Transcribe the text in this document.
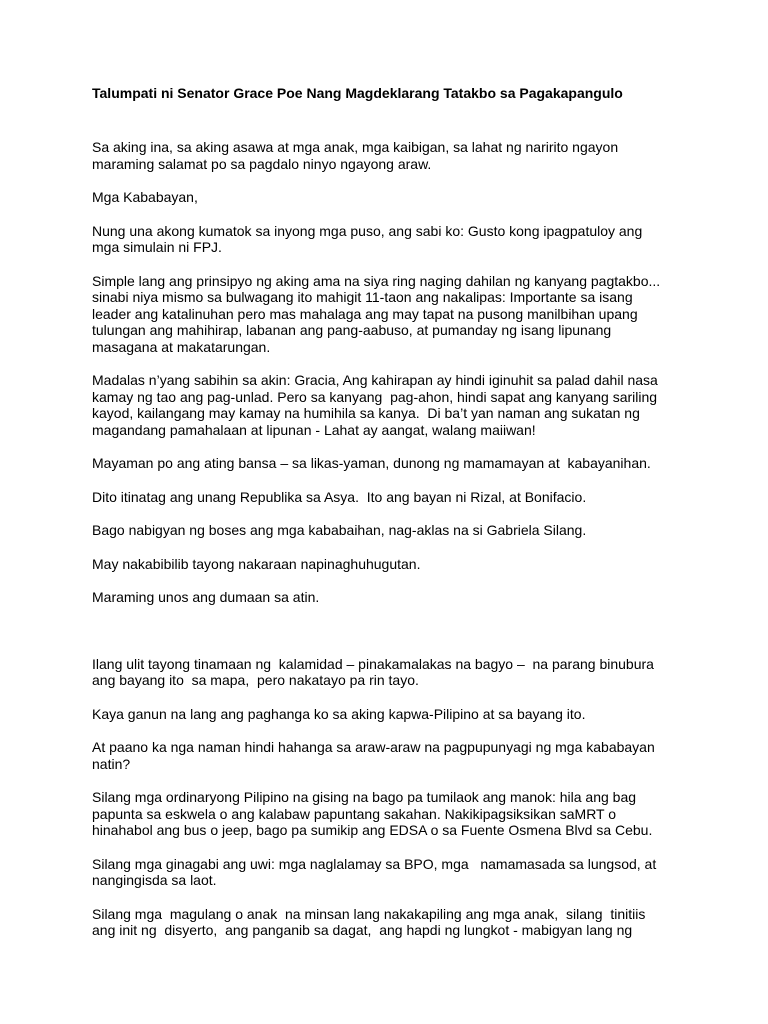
Talumpati ni Senator Grace Poe Nang Magdeklarang Tatakbo sa Pagakapangulo
Sa aking ina, sa aking asawa at mga anak, mga kaibigan, sa lahat ng naririto ngayon
maraming salamat po sa pagdalo ninyo ngayong araw.
Mga Kababayan,
Nung una akong kumatok sa inyong mga puso, ang sabi ko: Gusto kong ipagpatuloy ang
mga simulain ni FPJ.
Simple lang ang prinsipyo ng aking ama na siya ring naging dahilan ng kanyang pagtakbo...
sinabi niya mismo sa bulwagang ito mahigit 11-taon ang nakalipas: Importante sa isang
leader ang katalinuhan pero mas mahalaga ang may tapat na pusong manilbihan upang
tulungan ang mahihirap, labanan ang pang-aabuso, at pumanday ng isang lipunang
masagana at makatarungan.
Madalas n’yang sabihin sa akin: Gracia, Ang kahirapan ay hindi iginuhit sa palad dahil nasa
kamay ng tao ang pag-unlad. Pero sa kanyang  pag-ahon, hindi sapat ang kanyang sariling
kayod, kailangang may kamay na humihila sa kanya.  Di ba’t yan naman ang sukatan ng
magandang pamahalaan at lipunan - Lahat ay aangat, walang maiiwan!
Mayaman po ang ating bansa – sa likas-yaman, dunong ng mamamayan at  kabayanihan.
Dito itinatag ang unang Republika sa Asya.  Ito ang bayan ni Rizal, at Bonifacio.
Bago nabigyan ng boses ang mga kababaihan, nag-aklas na si Gabriela Silang.
May nakabibilib tayong nakaraan napinaghuhugutan.
Maraming unos ang dumaan sa atin.
Ilang ulit tayong tinamaan ng  kalamidad – pinakamalakas na bagyo –  na parang binubura
ang bayang ito  sa mapa,  pero nakatayo pa rin tayo.
Kaya ganun na lang ang paghanga ko sa aking kapwa-Pilipino at sa bayang ito.
At paano ka nga naman hindi hahanga sa araw-araw na pagpupunyagi ng mga kababayan
natin?
Silang mga ordinaryong Pilipino na gising na bago pa tumilaok ang manok: hila ang bag
papunta sa eskwela o ang kalabaw papuntang sakahan. Nakikipagsiksikan saMRT o
hinahabol ang bus o jeep, bago pa sumikip ang EDSA o sa Fuente Osmena Blvd sa Cebu.
Silang mga ginagabi ang uwi: mga naglalamay sa BPO, mga   namamasada sa lungsod, at
nangingisda sa laot.
Silang mga  magulang o anak  na minsan lang nakakapiling ang mga anak,  silang  tinitiis
ang init ng  disyerto,  ang panganib sa dagat,  ang hapdi ng lungkot - mabigyan lang ng
